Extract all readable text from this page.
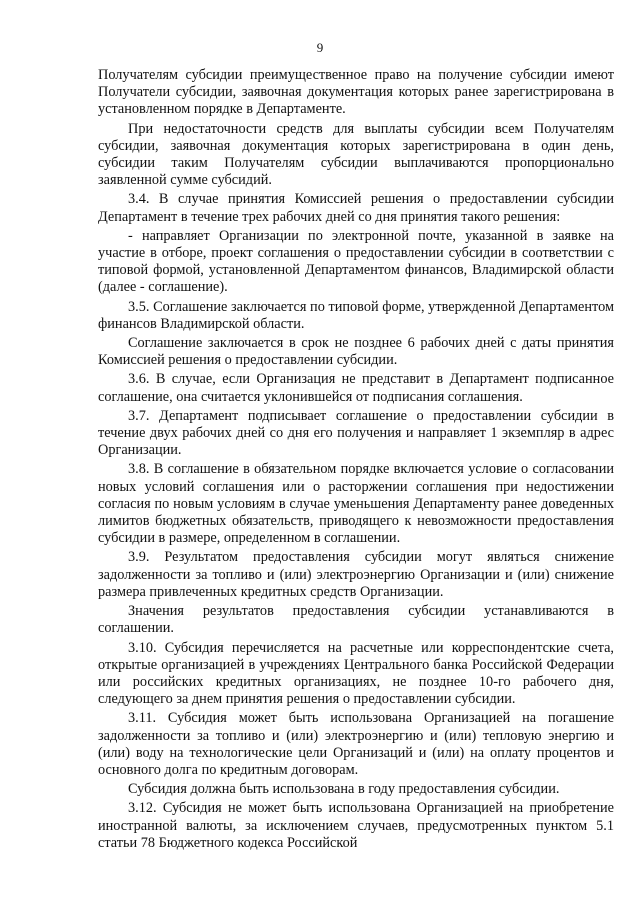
9

Получателям субсидии преимущественное право на получение субсидии имеют Получатели субсидии, заявочная документация которых ранее зарегистрирована в установленном порядке в Департаменте.

При недостаточности средств для выплаты субсидии всем Получателям субсидии, заявочная документация которых зарегистрирована в один день, субсидии таким Получателям субсидии выплачиваются пропорционально заявленной сумме субсидий.

3.4. В случае принятия Комиссией решения о предоставлении субсидии Департамент в течение трех рабочих дней со дня принятия такого решения:

- направляет Организации по электронной почте, указанной в заявке на участие в отборе, проект соглашения о предоставлении субсидии в соответствии с типовой формой, установленной Департаментом финансов, Владимирской области (далее - соглашение).

3.5. Соглашение заключается по типовой форме, утвержденной Департаментом финансов Владимирской области.

Соглашение заключается в срок не позднее 6 рабочих дней с даты принятия Комиссией решения о предоставлении субсидии.

3.6. В случае, если Организация не представит в Департамент подписанное соглашение, она считается уклонившейся от подписания соглашения.

3.7. Департамент подписывает соглашение о предоставлении субсидии в течение двух рабочих дней со дня его получения и направляет 1 экземпляр в адрес Организации.

3.8. В соглашение в обязательном порядке включается условие о согласовании новых условий соглашения или о расторжении соглашения при недостижении согласия по новым условиям в случае уменьшения Департаменту ранее доведенных лимитов бюджетных обязательств, приводящего к невозможности предоставления субсидии в размере, определенном в соглашении.

3.9. Результатом предоставления субсидии могут являться снижение задолженности за топливо и (или) электроэнергию Организации и (или) снижение размера привлеченных кредитных средств Организации.

Значения результатов предоставления субсидии устанавливаются в соглашении.

3.10. Субсидия перечисляется на расчетные или корреспондентские счета, открытые организацией в учреждениях Центрального банка Российской Федерации или российских кредитных организациях, не позднее 10-го рабочего дня, следующего за днем принятия решения о предоставлении субсидии.

3.11. Субсидия может быть использована Организацией на погашение задолженности за топливо и (или) электроэнергию и (или) тепловую энергию и (или) воду на технологические цели Организаций и (или) на оплату процентов и основного долга по кредитным договорам.

Субсидия должна быть использована в году предоставления субсидии.

3.12. Субсидия не может быть использована Организацией на приобретение иностранной валюты, за исключением случаев, предусмотренных пунктом 5.1 статьи 78 Бюджетного кодекса Российской
